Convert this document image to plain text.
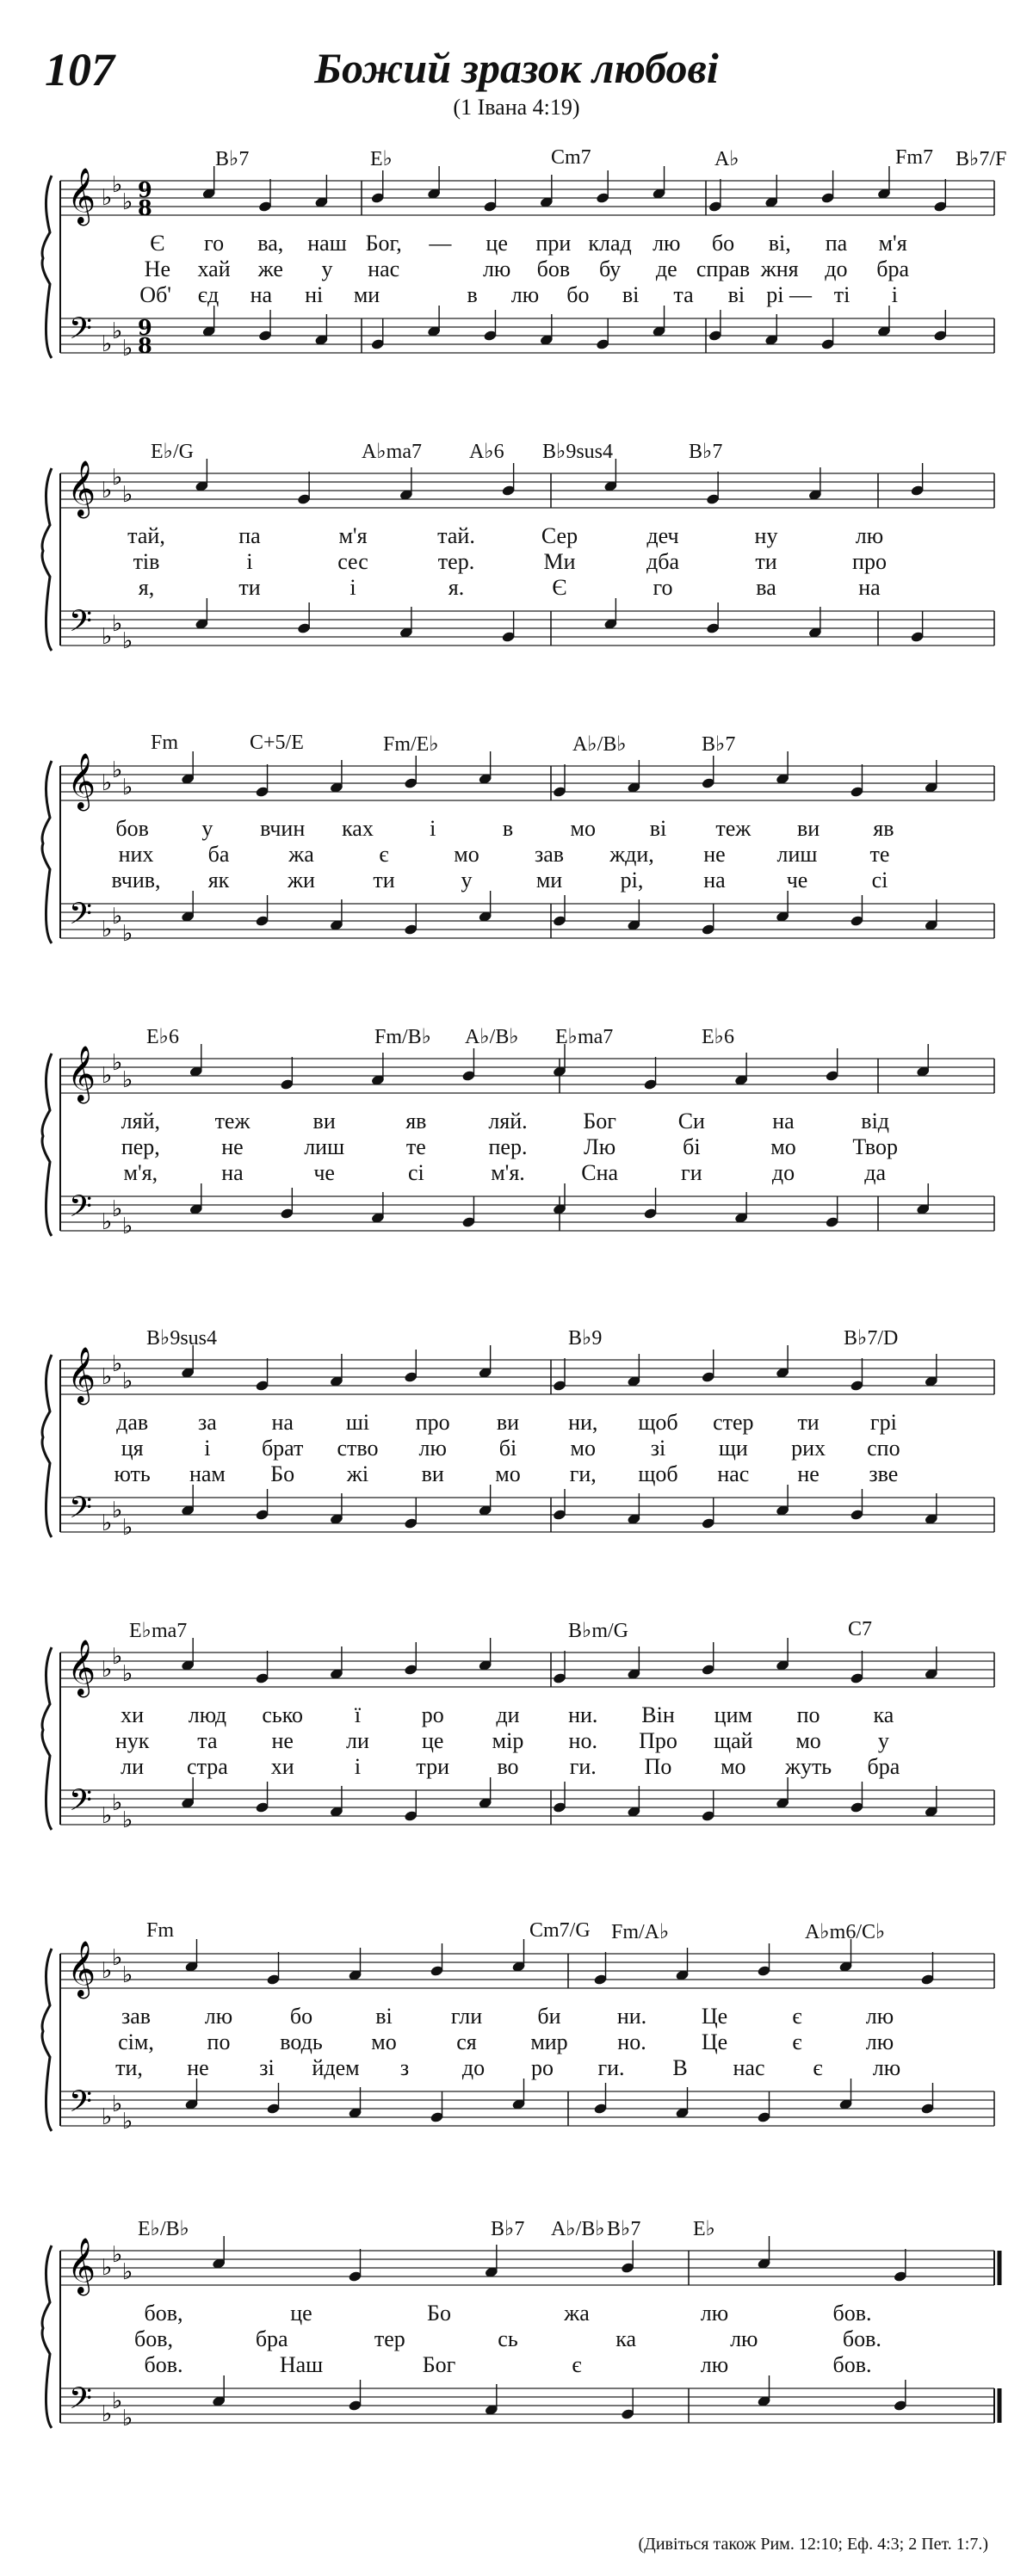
107	Божий зразок любові
(1 Івана 4:19)
𝄞
𝄢
♭ ♭
♭
♭ ♭
♭
9
8
9
8
B♭7	E♭	Cm7	A♭	Fm7 B♭7/F
Є го ва, наш Бог, — це при клад лю бо ві, па м'я
Не хай же у нас	лю бов бу де справ жня до бра
Об' єд на ні ми	в лю бо ві та ві рі — ті і
𝄞
𝄢
♭ ♭
♭
♭ ♭
♭
E♭/G	A♭ma7 A♭6 B♭9sus4	B♭7
тай,	па	м'я	тай.	Сер	деч	ну	лю
тів	і	сес	тер.	Ми	дба	ти	про
я,	ти	і	я.	Є	го	ва	на
𝄞
𝄢
♭ ♭
♭
♭ ♭
♭
Fm	C+5/E	Fm/E♭	A♭/B♭	B♭7
бов у вчин ках	і	в	мо ві теж ви яв
них ба	жа	є	мо зав жди, не лиш те
вчив, як	жи	ти	у	ми	рі,	на	че	сі
𝄞
𝄢
♭ ♭
♭
♭ ♭
♭
E♭6	Fm/B♭ A♭/B♭ E♭ma7	E♭6
ляй, теж	ви	яв	ляй. Бог	Си	на	від
пер,	не	лиш	те	пер.	Лю	бі	мо	Твор
м'я,	на	че	сі	м'я.	Сна	ги	до	да
𝄞
𝄢
♭ ♭
♭
♭ ♭
♭
B♭9sus4	B♭9	B♭7/D
дав за на ші про ви ни, щоб стер ти грі
ця	і брат ство лю бі мо зі щи рих спо
ють нам Бо жі ви мо ги, щоб нас не зве
𝄞
𝄢
♭ ♭
♭
♭ ♭
♭
E♭ma7	B♭m/G	C7
хи люд сько ї	ро ди ни. Він цим по ка
нук та не ли це мір но. Про щай мо	у
ли стра хи	і три во ги. По мо жуть бра
𝄞
𝄢
♭ ♭
♭
♭ ♭
♭
Fm	Cm7/G Fm/A♭	A♭m6/C♭
зав лю	бо	ві	гли би	ни. Це	є	лю
сім, по водь мо	ся мир но. Це	є	лю
ти, не зі йдем з до ро ги. В нас є лю
𝄞
𝄢
♭ ♭
♭
♭ ♭
♭
E♭/B♭	B♭7 A♭/B♭ B♭7	E♭
бов,	це	Бо	жа	лю	бов.
бов,	бра	тер	сь	ка	лю	бов.
бов.	Наш	Бог	є	лю	бов.
(Дивіться також Рим. 12:10; Еф. 4:3; 2 Пет. 1:7.)
